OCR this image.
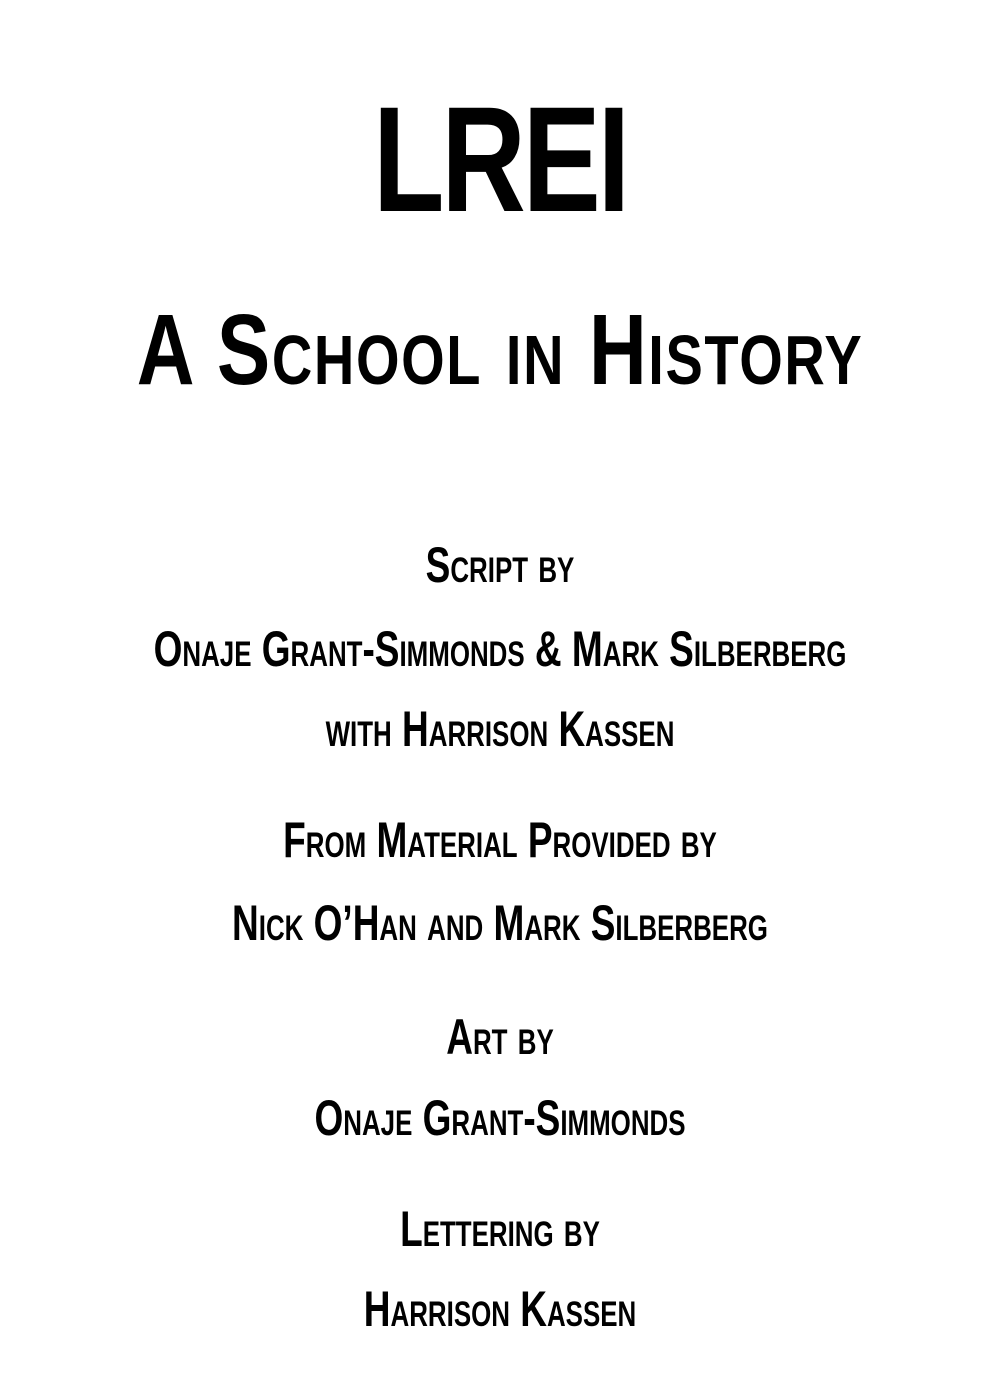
LREI
A School in History
Script by
Onaje Grant-Simmonds & Mark Silberberg
with Harrison Kassen
From Material Provided by
Nick O’Han and Mark Silberberg
Art by
Onaje Grant-Simmonds
Lettering by
Harrison Kassen
